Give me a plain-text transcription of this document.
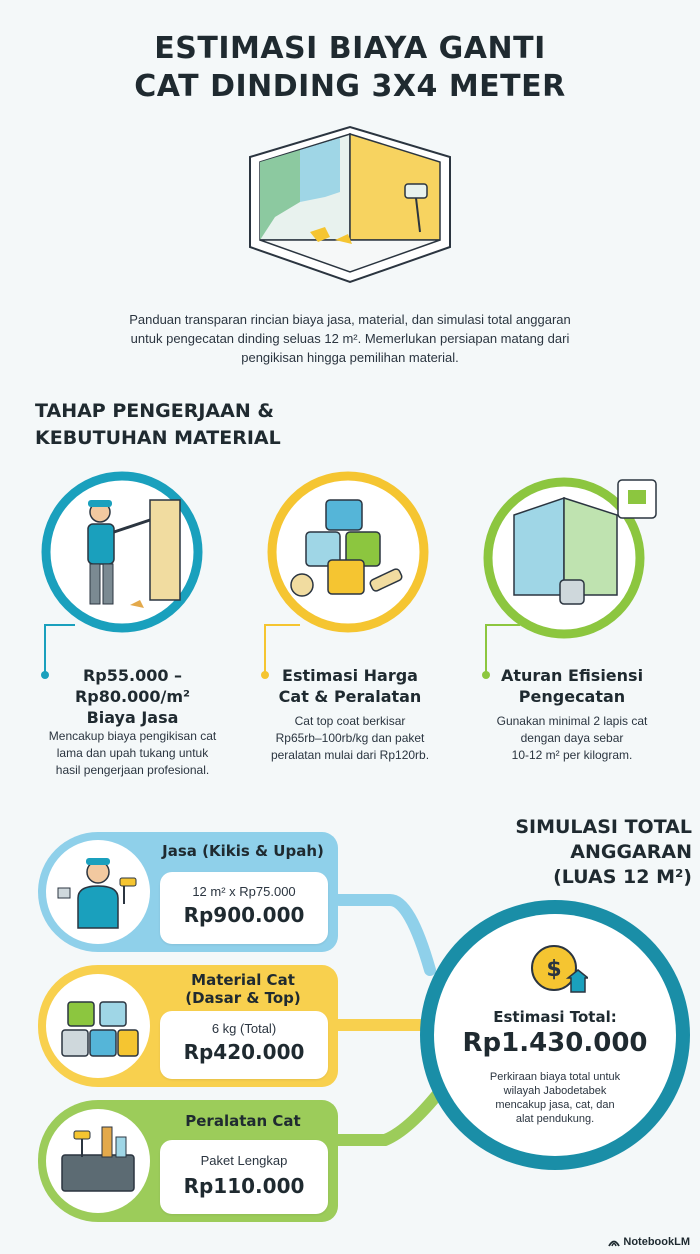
ESTIMASI BIAYA GANTI
CAT DINDING 3X4 METER
Panduan transparan rincian biaya jasa, material, dan simulasi total anggaran
untuk pengecatan dinding seluas 12 m². Memerlukan persiapan matang dari
pengikisan hingga pemilihan material.
TAHAP PENGERJAAN &
KEBUTUHAN MATERIAL
Rp55.000 –
Rp80.000/m²
Biaya Jasa
Mencakup biaya pengikisan cat
lama dan upah tukang untuk
hasil pengerjaan profesional.
Estimasi Harga
Cat & Peralatan
Cat top coat berkisar
Rp65rb–100rb/kg dan paket
peralatan mulai dari Rp120rb.
Aturan Efisiensi
Pengecatan
Gunakan minimal 2 lapis cat
dengan daya sebar
10-12 m² per kilogram.
SIMULASI TOTAL
ANGGARAN
(LUAS 12 M²)
Jasa (Kikis & Upah)
12 m² x Rp75.000
Rp900.000
Material Cat
(Dasar & Top)
6 kg (Total)
Rp420.000
Peralatan Cat
Paket Lengkap
Rp110.000
$
Estimasi Total:
Rp1.430.000
Perkiraan biaya total untuk
wilayah Jabodetabek
mencakup jasa, cat, dan
alat pendukung.
NotebookLM
